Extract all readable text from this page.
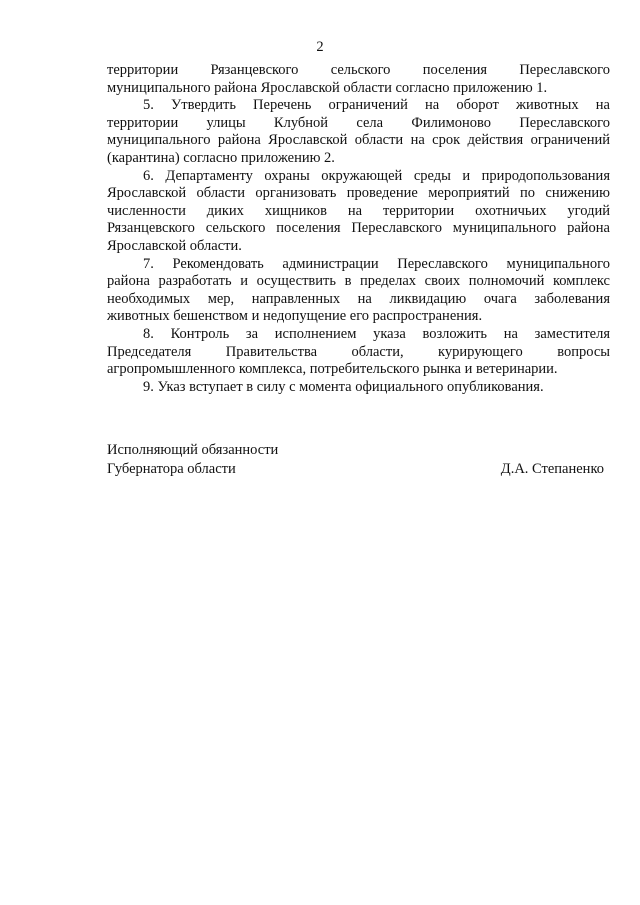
2
территории Рязанцевского сельского поселения Переславского
муниципального района Ярославской области согласно приложению 1.
5. Утвердить Перечень ограничений на оборот животных на
территории улицы Клубной села Филимоново Переславского
муниципального района Ярославской области на срок действия ограничений
(карантина) согласно приложению 2.
6. Департаменту охраны окружающей среды и природопользования
Ярославской области организовать проведение мероприятий по снижению
численности диких хищников на территории охотничьих угодий
Рязанцевского сельского поселения Переславского муниципального района
Ярославской области.
7. Рекомендовать администрации Переславского муниципального
района разработать и осуществить в пределах своих полномочий комплекс
необходимых мер, направленных на ликвидацию очага заболевания
животных бешенством и недопущение его распространения.
8. Контроль за исполнением указа возложить на заместителя
Председателя Правительства области, курирующего вопросы
агропромышленного комплекса, потребительского рынка и ветеринарии.
9. Указ вступает в силу с момента официального опубликования.
Исполняющий обязанности
Губернатора области	Д.А. Степаненко
